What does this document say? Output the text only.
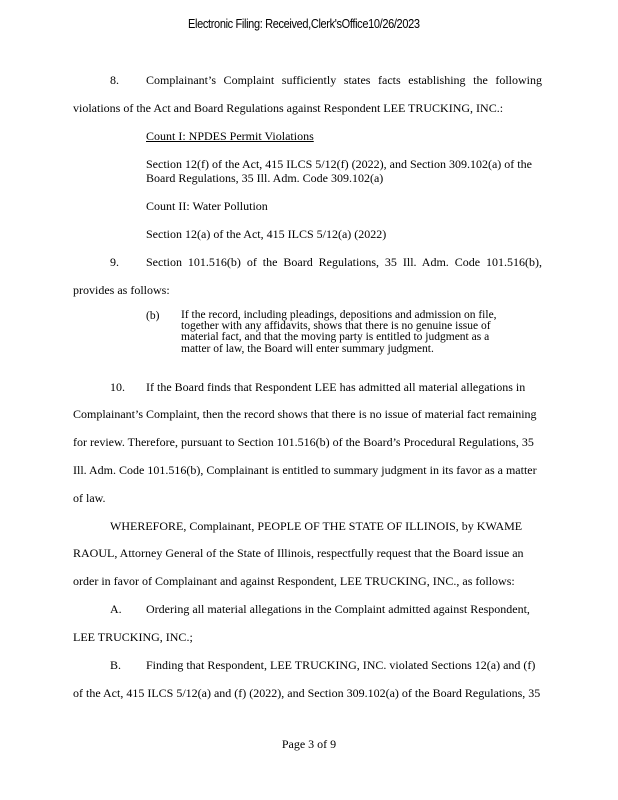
Electronic Filing: Received,Clerk'sOffice10/26/2023
8. Complainant’s Complaint sufficiently states facts establishing the following
violations of the Act and Board Regulations against Respondent LEE TRUCKING, INC.:
Count I: NPDES Permit Violations
Section 12(f) of the Act, 415 ILCS 5/12(f) (2022), and Section 309.102(a) of the
Board Regulations, 35 Ill. Adm. Code 309.102(a)
Count II: Water Pollution
Section 12(a) of the Act, 415 ILCS 5/12(a) (2022)
9. Section 101.516(b) of the Board Regulations, 35 Ill. Adm. Code 101.516(b),
provides as follows:
(b) If the record, including pleadings, depositions and admission on file,
together with any affidavits, shows that there is no genuine issue of
material fact, and that the moving party is entitled to judgment as a
matter of law, the Board will enter summary judgment.
10. If the Board finds that Respondent LEE has admitted all material allegations in
Complainant’s Complaint, then the record shows that there is no issue of material fact remaining
for review. Therefore, pursuant to Section 101.516(b) of the Board’s Procedural Regulations, 35
Ill. Adm. Code 101.516(b), Complainant is entitled to summary judgment in its favor as a matter
of law.
WHEREFORE, Complainant, PEOPLE OF THE STATE OF ILLINOIS, by KWAME
RAOUL, Attorney General of the State of Illinois, respectfully request that the Board issue an
order in favor of Complainant and against Respondent, LEE TRUCKING, INC., as follows:
A. Ordering all material allegations in the Complaint admitted against Respondent,
LEE TRUCKING, INC.;
B. Finding that Respondent, LEE TRUCKING, INC. violated Sections 12(a) and (f)
of the Act, 415 ILCS 5/12(a) and (f) (2022), and Section 309.102(a) of the Board Regulations, 35
Page 3 of 9
